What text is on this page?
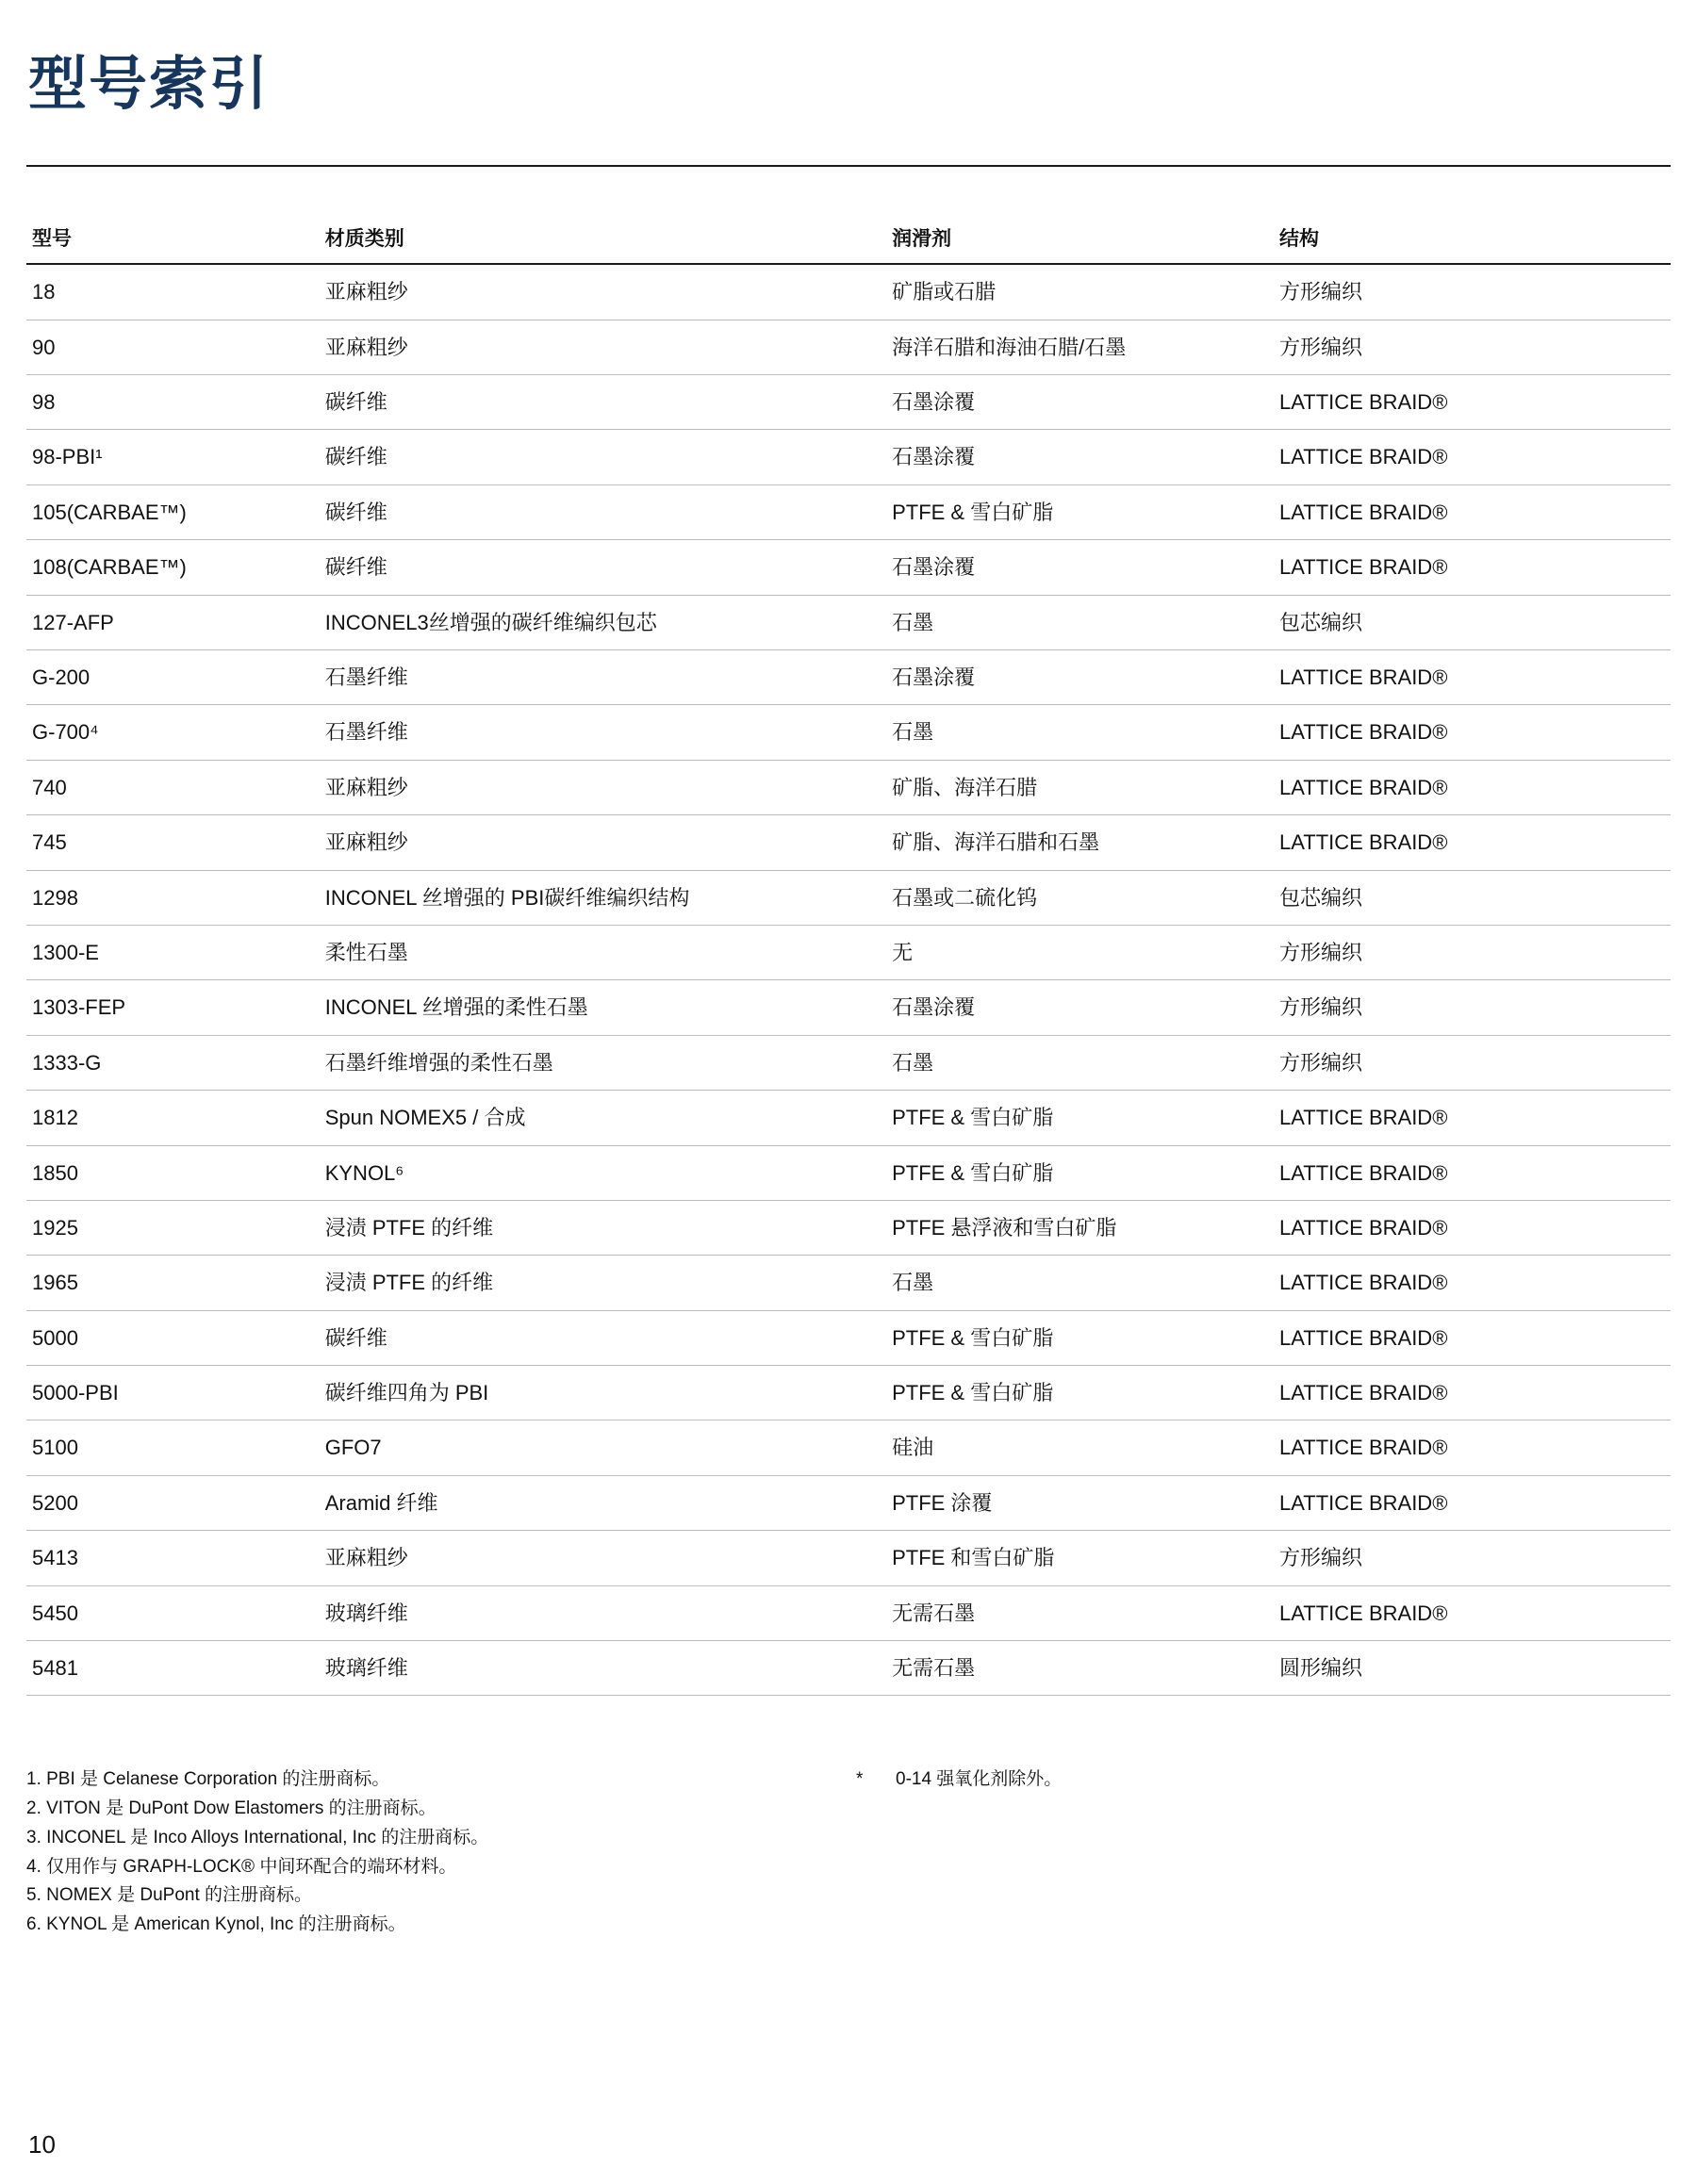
型号索引
型号	材质类别	润滑剂	结构
18	亚麻粗纱	矿脂或石腊	方形编织
90	亚麻粗纱	海洋石腊和海油石腊/石墨	方形编织
98	碳纤维	石墨涂覆	LATTICE BRAID®
98-PBI¹	碳纤维	石墨涂覆	LATTICE BRAID®
105(CARBAE™)	碳纤维	PTFE & 雪白矿脂	LATTICE BRAID®
108(CARBAE™)	碳纤维	石墨涂覆	LATTICE BRAID®
127-AFP	INCONEL3丝增强的碳纤维编织包芯	石墨	包芯编织
G-200	石墨纤维	石墨涂覆	LATTICE BRAID®
G-700⁴	石墨纤维	石墨	LATTICE BRAID®
740	亚麻粗纱	矿脂、海洋石腊	LATTICE BRAID®
745	亚麻粗纱	矿脂、海洋石腊和石墨	LATTICE BRAID®
1298	INCONEL 丝增强的 PBI碳纤维编织结构	石墨或二硫化钨	包芯编织
1300-E	柔性石墨	无	方形编织
1303-FEP	INCONEL 丝增强的柔性石墨	石墨涂覆	方形编织
1333-G	石墨纤维增强的柔性石墨	石墨	方形编织
1812	Spun NOMEX5 / 合成	PTFE & 雪白矿脂	LATTICE BRAID®
1850	KYNOL⁶	PTFE & 雪白矿脂	LATTICE BRAID®
1925	浸渍 PTFE 的纤维	PTFE 悬浮液和雪白矿脂	LATTICE BRAID®
1965	浸渍 PTFE 的纤维	石墨	LATTICE BRAID®
5000	碳纤维	PTFE & 雪白矿脂	LATTICE BRAID®
5000-PBI	碳纤维四角为 PBI	PTFE & 雪白矿脂	LATTICE BRAID®
5100	GFO7	硅油	LATTICE BRAID®
5200	Aramid 纤维	PTFE 涂覆	LATTICE BRAID®
5413	亚麻粗纱	PTFE 和雪白矿脂	方形编织
5450	玻璃纤维	无需石墨	LATTICE BRAID®
5481	玻璃纤维	无需石墨	圆形编织
1. PBI 是 Celanese Corporation 的注册商标。
2. VITON 是 DuPont Dow Elastomers 的注册商标。
3. INCONEL 是 Inco Alloys International, Inc 的注册商标。
4. 仅用作与 GRAPH-LOCK® 中间环配合的端环材料。
5. NOMEX 是 DuPont 的注册商标。
6. KYNOL 是 American Kynol, Inc 的注册商标。
* 0-14 强氧化剂除外。
10
